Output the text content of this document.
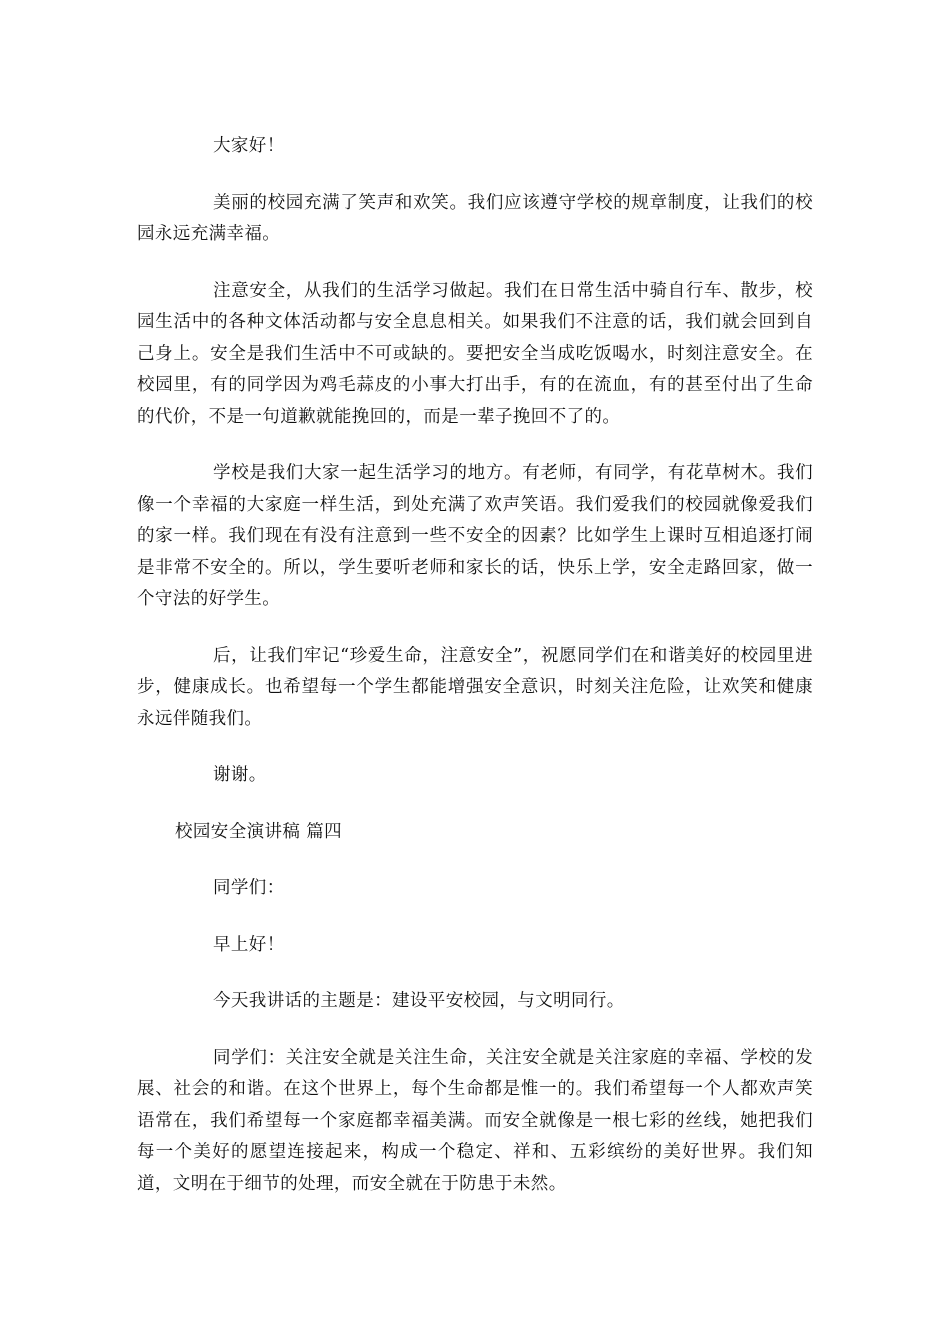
大家好！

美丽的校园充满了笑声和欢笑。我们应该遵守学校的规章制度，让我们的校园永远充满幸福。

注意安全，从我们的生活学习做起。我们在日常生活中骑自行车、散步，校园生活中的各种文体活动都与安全息息相关。如果我们不注意的话，我们就会回到自己身上。安全是我们生活中不可或缺的。要把安全当成吃饭喝水，时刻注意安全。在校园里，有的同学因为鸡毛蒜皮的小事大打出手，有的在流血，有的甚至付出了生命的代价，不是一句道歉就能挽回的，而是一辈子挽回不了的。

学校是我们大家一起生活学习的地方。有老师，有同学，有花草树木。我们像一个幸福的大家庭一样生活，到处充满了欢声笑语。我们爱我们的校园就像爱我们的家一样。我们现在有没有注意到一些不安全的因素？比如学生上课时互相追逐打闹是非常不安全的。所以，学生要听老师和家长的话，快乐上学，安全走路回家，做一个守法的好学生。

后，让我们牢记“珍爱生命，注意安全”，祝愿同学们在和谐美好的校园里进步，健康成长。也希望每一个学生都能增强安全意识，时刻关注危险，让欢笑和健康永远伴随我们。

谢谢。

校园安全演讲稿 篇四

同学们：

早上好！

今天我讲话的主题是：建设平安校园，与文明同行。

同学们：关注安全就是关注生命，关注安全就是关注家庭的幸福、学校的发展、社会的和谐。在这个世界上，每个生命都是惟一的。我们希望每一个人都欢声笑语常在，我们希望每一个家庭都幸福美满。而安全就像是一根七彩的丝线，她把我们每一个美好的愿望连接起来，构成一个稳定、祥和、五彩缤纷的美好世界。我们知道，文明在于细节的处理，而安全就在于防患于未然。
